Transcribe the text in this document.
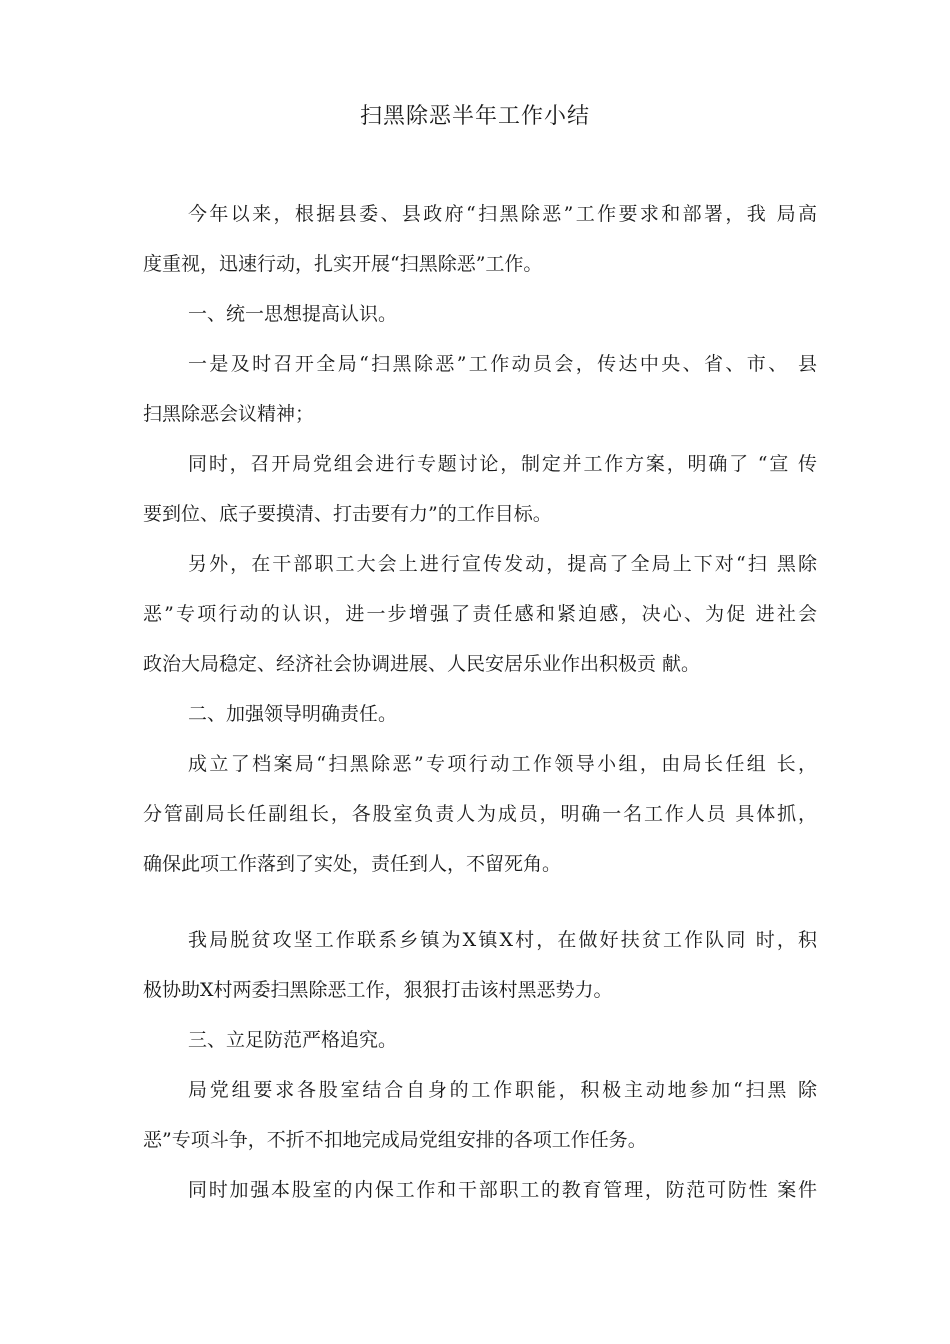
扫黑除恶半年工作小结
今年以来，根据县委、县政府“扫黑除恶”工作要求和部署，我 局高
度重视，迅速行动，扎实开展“扫黑除恶”工作。
一、统一思想提高认识。
一是及时召开全局“扫黑除恶”工作动员会，传达中央、省、市、 县
扫黑除恶会议精神；
同时，召开局党组会进行专题讨论，制定并工作方案，明确了 “宣 传
要到位、底子要摸清、打击要有力”的工作目标。
另外，在干部职工大会上进行宣传发动，提高了全局上下对“扫 黑除
恶”专项行动的认识，进一步增强了责任感和紧迫感，决心、为促 进社会
政治大局稳定、经济社会协调进展、人民安居乐业作出积极贡 献。
二、加强领导明确责任。
成立了档案局“扫黑除恶”专项行动工作领导小组，由局长任组 长，
分管副局长任副组长，各股室负责人为成员，明确一名工作人员 具体抓，
确保此项工作落到了实处，责任到人，不留死角。
我局脱贫攻坚工作联系乡镇为X镇X村，在做好扶贫工作队同 时，积
极协助X村两委扫黑除恶工作，狠狠打击该村黑恶势力。
三、立足防范严格追究。
局党组要求各股室结合自身的工作职能，积极主动地参加“扫黑 除
恶”专项斗争，不折不扣地完成局党组安排的各项工作任务。
同时加强本股室的内保工作和干部职工的教育管理，防范可防性 案件
